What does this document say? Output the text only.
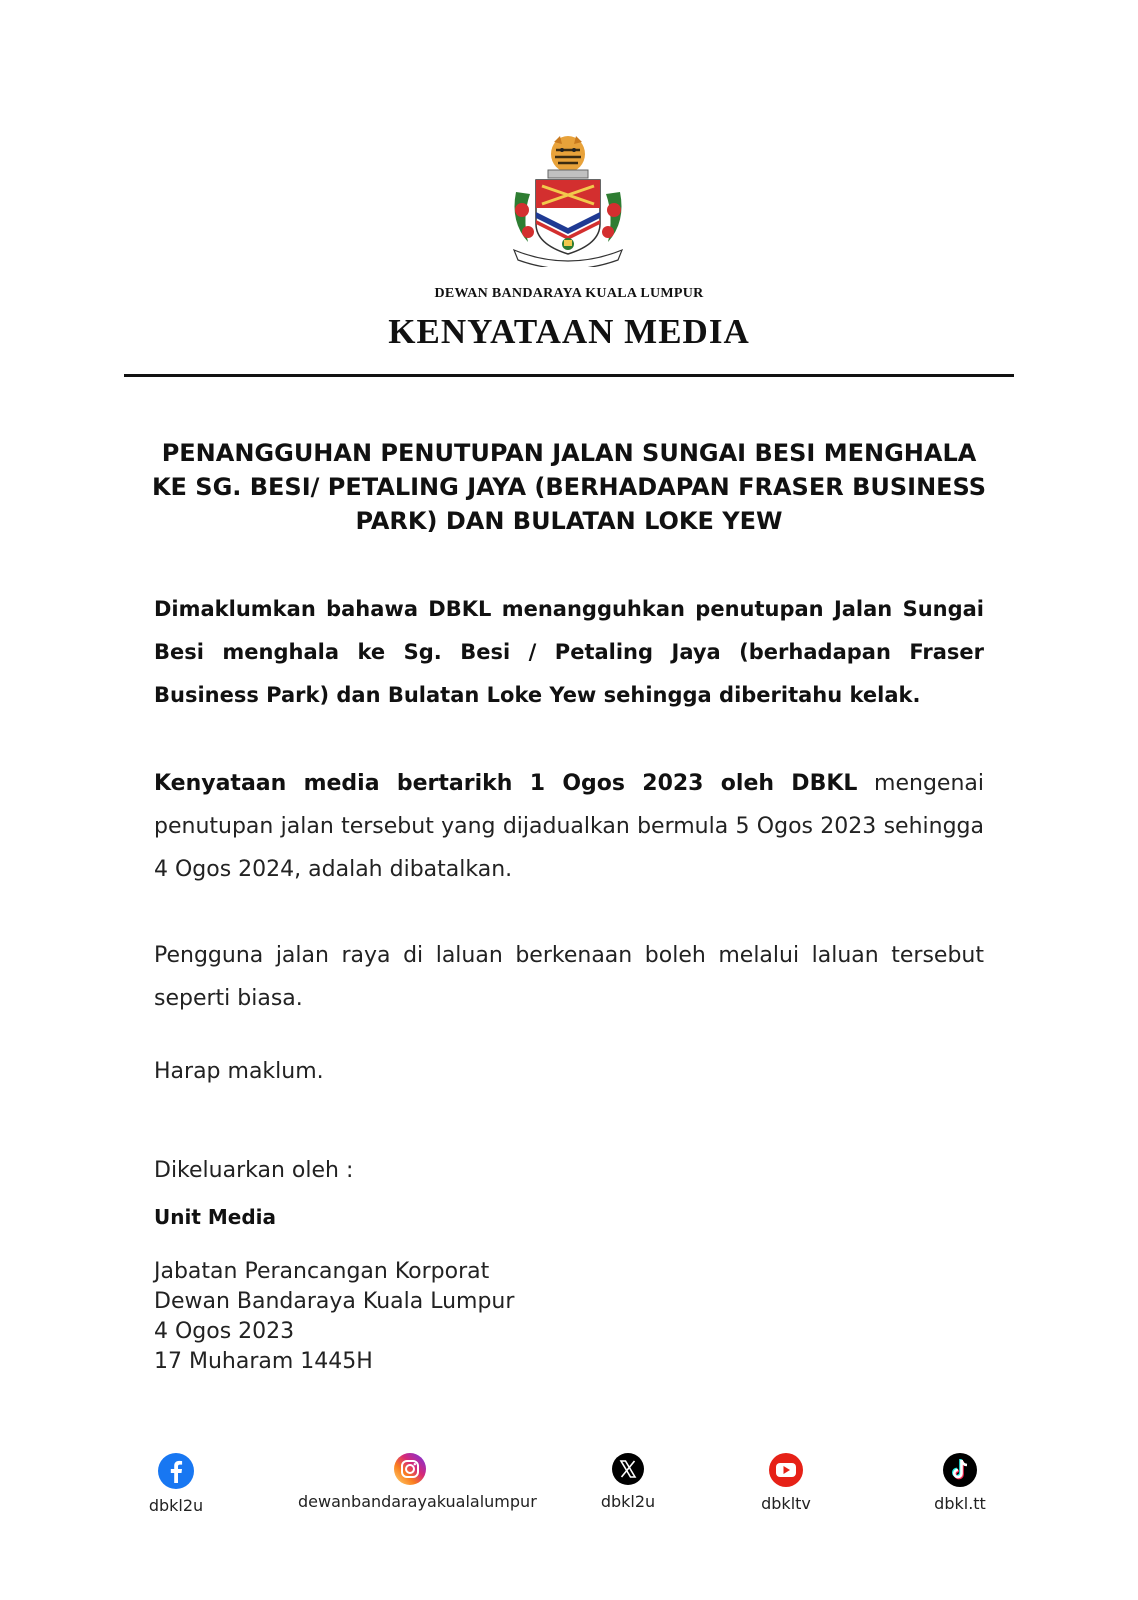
DEWAN BANDARAYA KUALA LUMPUR
KENYATAAN MEDIA
PENANGGUHAN PENUTUPAN JALAN SUNGAI BESI MENGHALA KE SG. BESI/ PETALING JAYA (BERHADAPAN FRASER BUSINESS PARK) DAN BULATAN LOKE YEW
Dimaklumkan bahawa DBKL menangguhkan penutupan Jalan Sungai Besi menghala ke Sg. Besi / Petaling Jaya (berhadapan Fraser Business Park) dan Bulatan Loke Yew sehingga diberitahu kelak.
Kenyataan media bertarikh 1 Ogos 2023 oleh DBKL mengenai penutupan jalan tersebut yang dijadualkan bermula 5 Ogos 2023 sehingga 4 Ogos 2024, adalah dibatalkan.
Pengguna jalan raya di laluan berkenaan boleh melalui laluan tersebut seperti biasa.
Harap maklum.
Dikeluarkan oleh :
Unit Media
Jabatan Perancangan Korporat
Dewan Bandaraya Kuala Lumpur
4 Ogos 2023
17 Muharam 1445H
dbkl2u	dewanbandarayakualalumpur	dbkl2u	dbkltv	dbkl.tt
